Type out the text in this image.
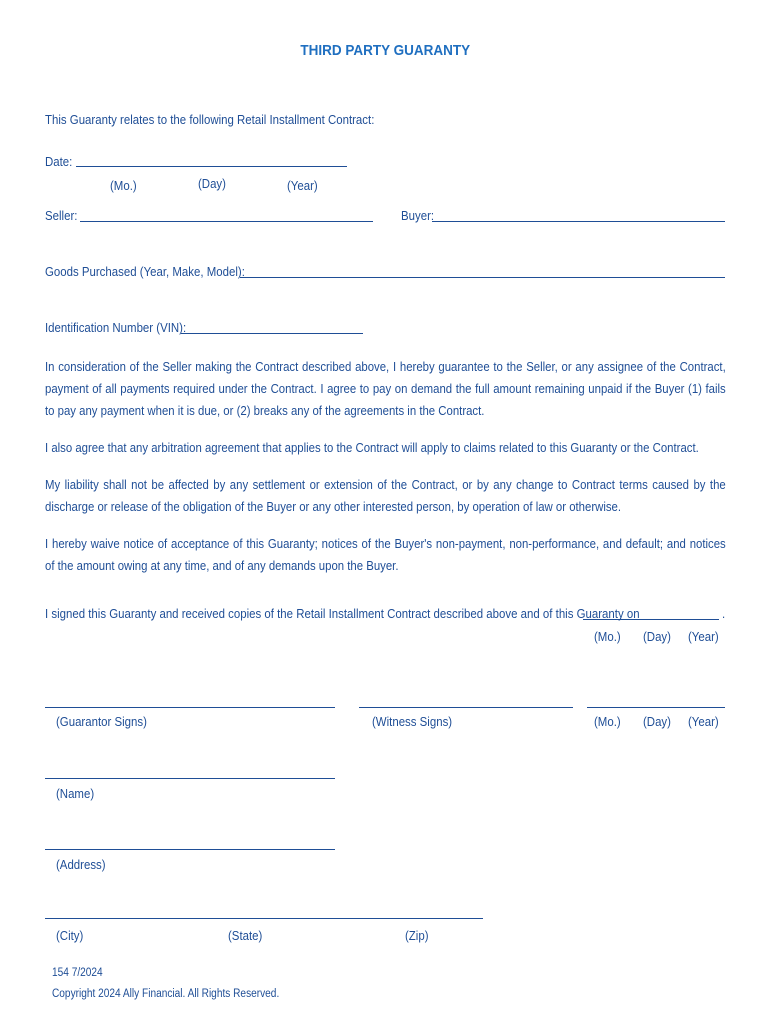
THIRD PARTY GUARANTY
This Guaranty relates to the following Retail Installment Contract:
Date:
(Mo.)	(Day)	(Year)
Seller:	Buyer:
Goods Purchased (Year, Make, Model):
Identification Number (VIN):
In consideration of the Seller making the Contract described above, I hereby guarantee to the Seller, or any assignee of the Contract, payment of all payments required under the Contract. I agree to pay on demand the full amount remaining unpaid if the Buyer (1) fails to pay any payment when it is due, or (2) breaks any of the agreements in the Contract.
I also agree that any arbitration agreement that applies to the Contract will apply to claims related to this Guaranty or the Contract.
My liability shall not be affected by any settlement or extension of the Contract, or by any change to Contract terms caused by the discharge or release of the obligation of the Buyer or any other interested person, by operation of law or otherwise.
I hereby waive notice of acceptance of this Guaranty; notices of the Buyer's non-payment, non-performance, and default; and notices of the amount owing at any time, and of any demands upon the Buyer.
I signed this Guaranty and received copies of the Retail Installment Contract described above and of this Guaranty on	.
(Mo.) (Day) (Year)
(Guarantor Signs)	(Witness Signs)	(Mo.) (Day) (Year)
(Name)
(Address)
(City)	(State)	(Zip)
154 7/2024
Copyright 2024 Ally Financial. All Rights Reserved.
